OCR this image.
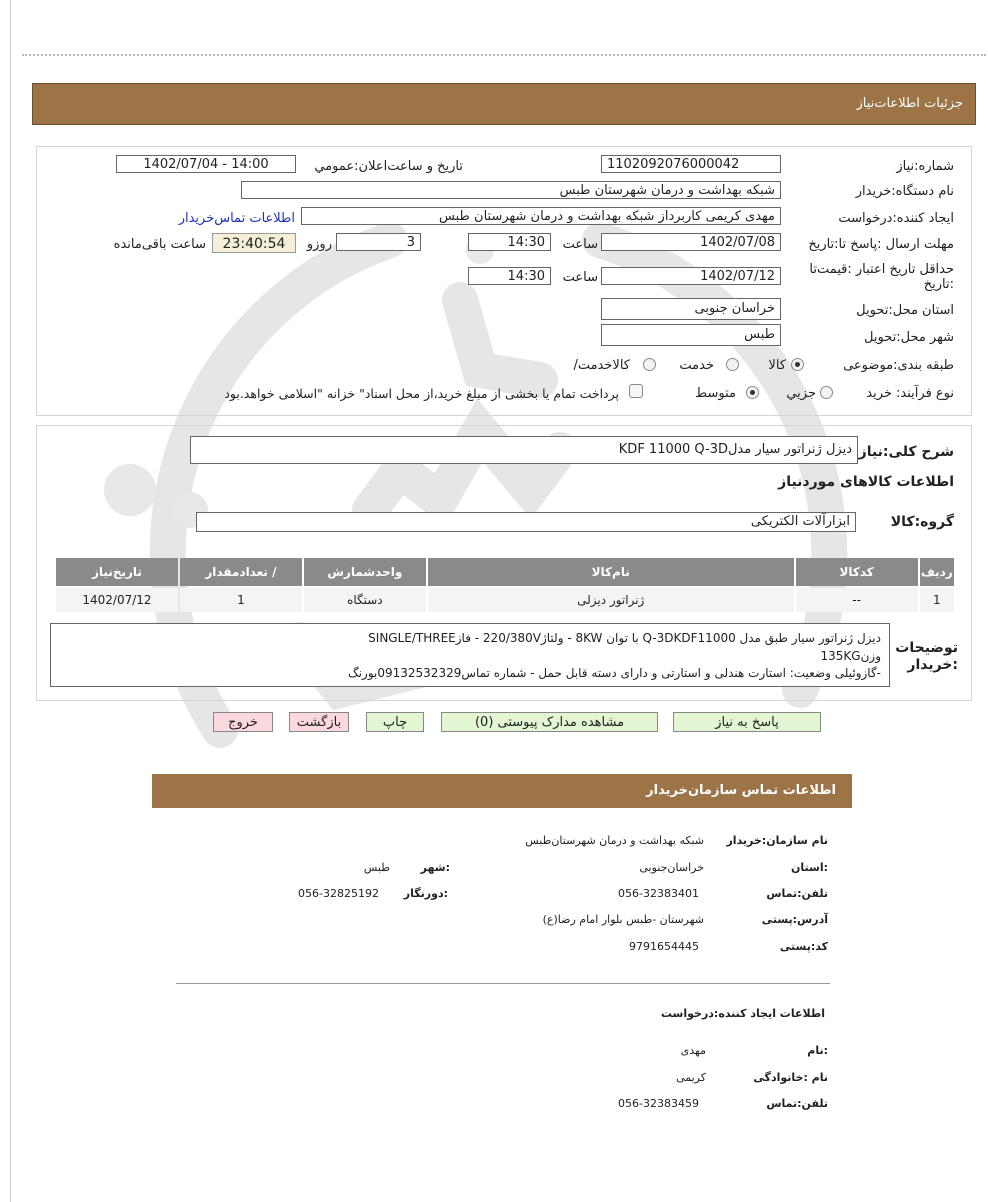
جزئیات اطلاعات‌نیاز
شماره:نیاز
1102092076000042
تاریخ و ساعت‌اعلان:عمومي
1402/07/04 - 14:00
نام دستگاه:خریدار
شبکه بهداشت و درمان شهرستان طبس
ایجاد کننده:درخواست
مهدی کریمی کاربرداز شبکه بهداشت و درمان شهرستان طبس
اطلاعات تماس‌خریدار
مهلت ارسال :پاسخ تا:تاریخ
1402/07/08
ساعت
14:30
3
روزو
23:40:54
ساعت باقی‌مانده
حداقل تاریخ اعتبار :قیمت‌تا :تاریخ
1402/07/12
ساعت
14:30
استان محل:تحویل
خراسان جنوبی
شهر محل:تحویل
طبس
طبقه بندی:موضوعی
کالا
خدمت
کالاخدمت/
نوع فرآیند: خرید
جزيي
متوسط
پرداخت تمام یا بخشی از مبلغ خرید،از محل اسناد" خزانه "اسلامی خواهد.بود
شرح کلی:نیاز
دیزل ژنراتور سیار مدلKDF 11000 Q-3D
اطلاعات کالاهای موردنیاز
گروه:کالا
ابزارآلات الکتریکی
ردیف	کدکالا	نام‌کالا	واحدشمارش	/ تعدادمقدار	تاریخ‌نیاز
1	--	ژنراتور دیزلی	دستگاه	1	1402/07/12
توضیحات :خریدار
دیزل ژنراتور سیار طبق مدل Q-3DKDF11000 با توان 8KW - ولتاژ220/380V - فازSINGLE/THREE
وزن135KG
-گازوئیلی وضعیت: استارت هندلی و استارتی و دارای دسته قابل حمل - شماره تماس09132532329بورنگ
پاسخ به نیاز
مشاهده مدارک پیوستی (0)
چاپ
بازگشت
خروج
اطلاعات تماس سازمان‌خریدار
نام سازمان:خریدار
شبکه بهداشت و درمان شهرستان‌طبس
:استان
خراسان‌جنوبی
:شهر
طبس
تلفن:تماس
056-32383401
:دورنگار
056-32825192
آدرس:پستی
شهرستان -طبس بلوار امام رضا(ع)
کد:پستی
9791654445
اطلاعات ایجاد کننده:درخواست
:نام
مهدی
نام :خانوادگی
کریمی
تلفن:تماس
056-32383459
